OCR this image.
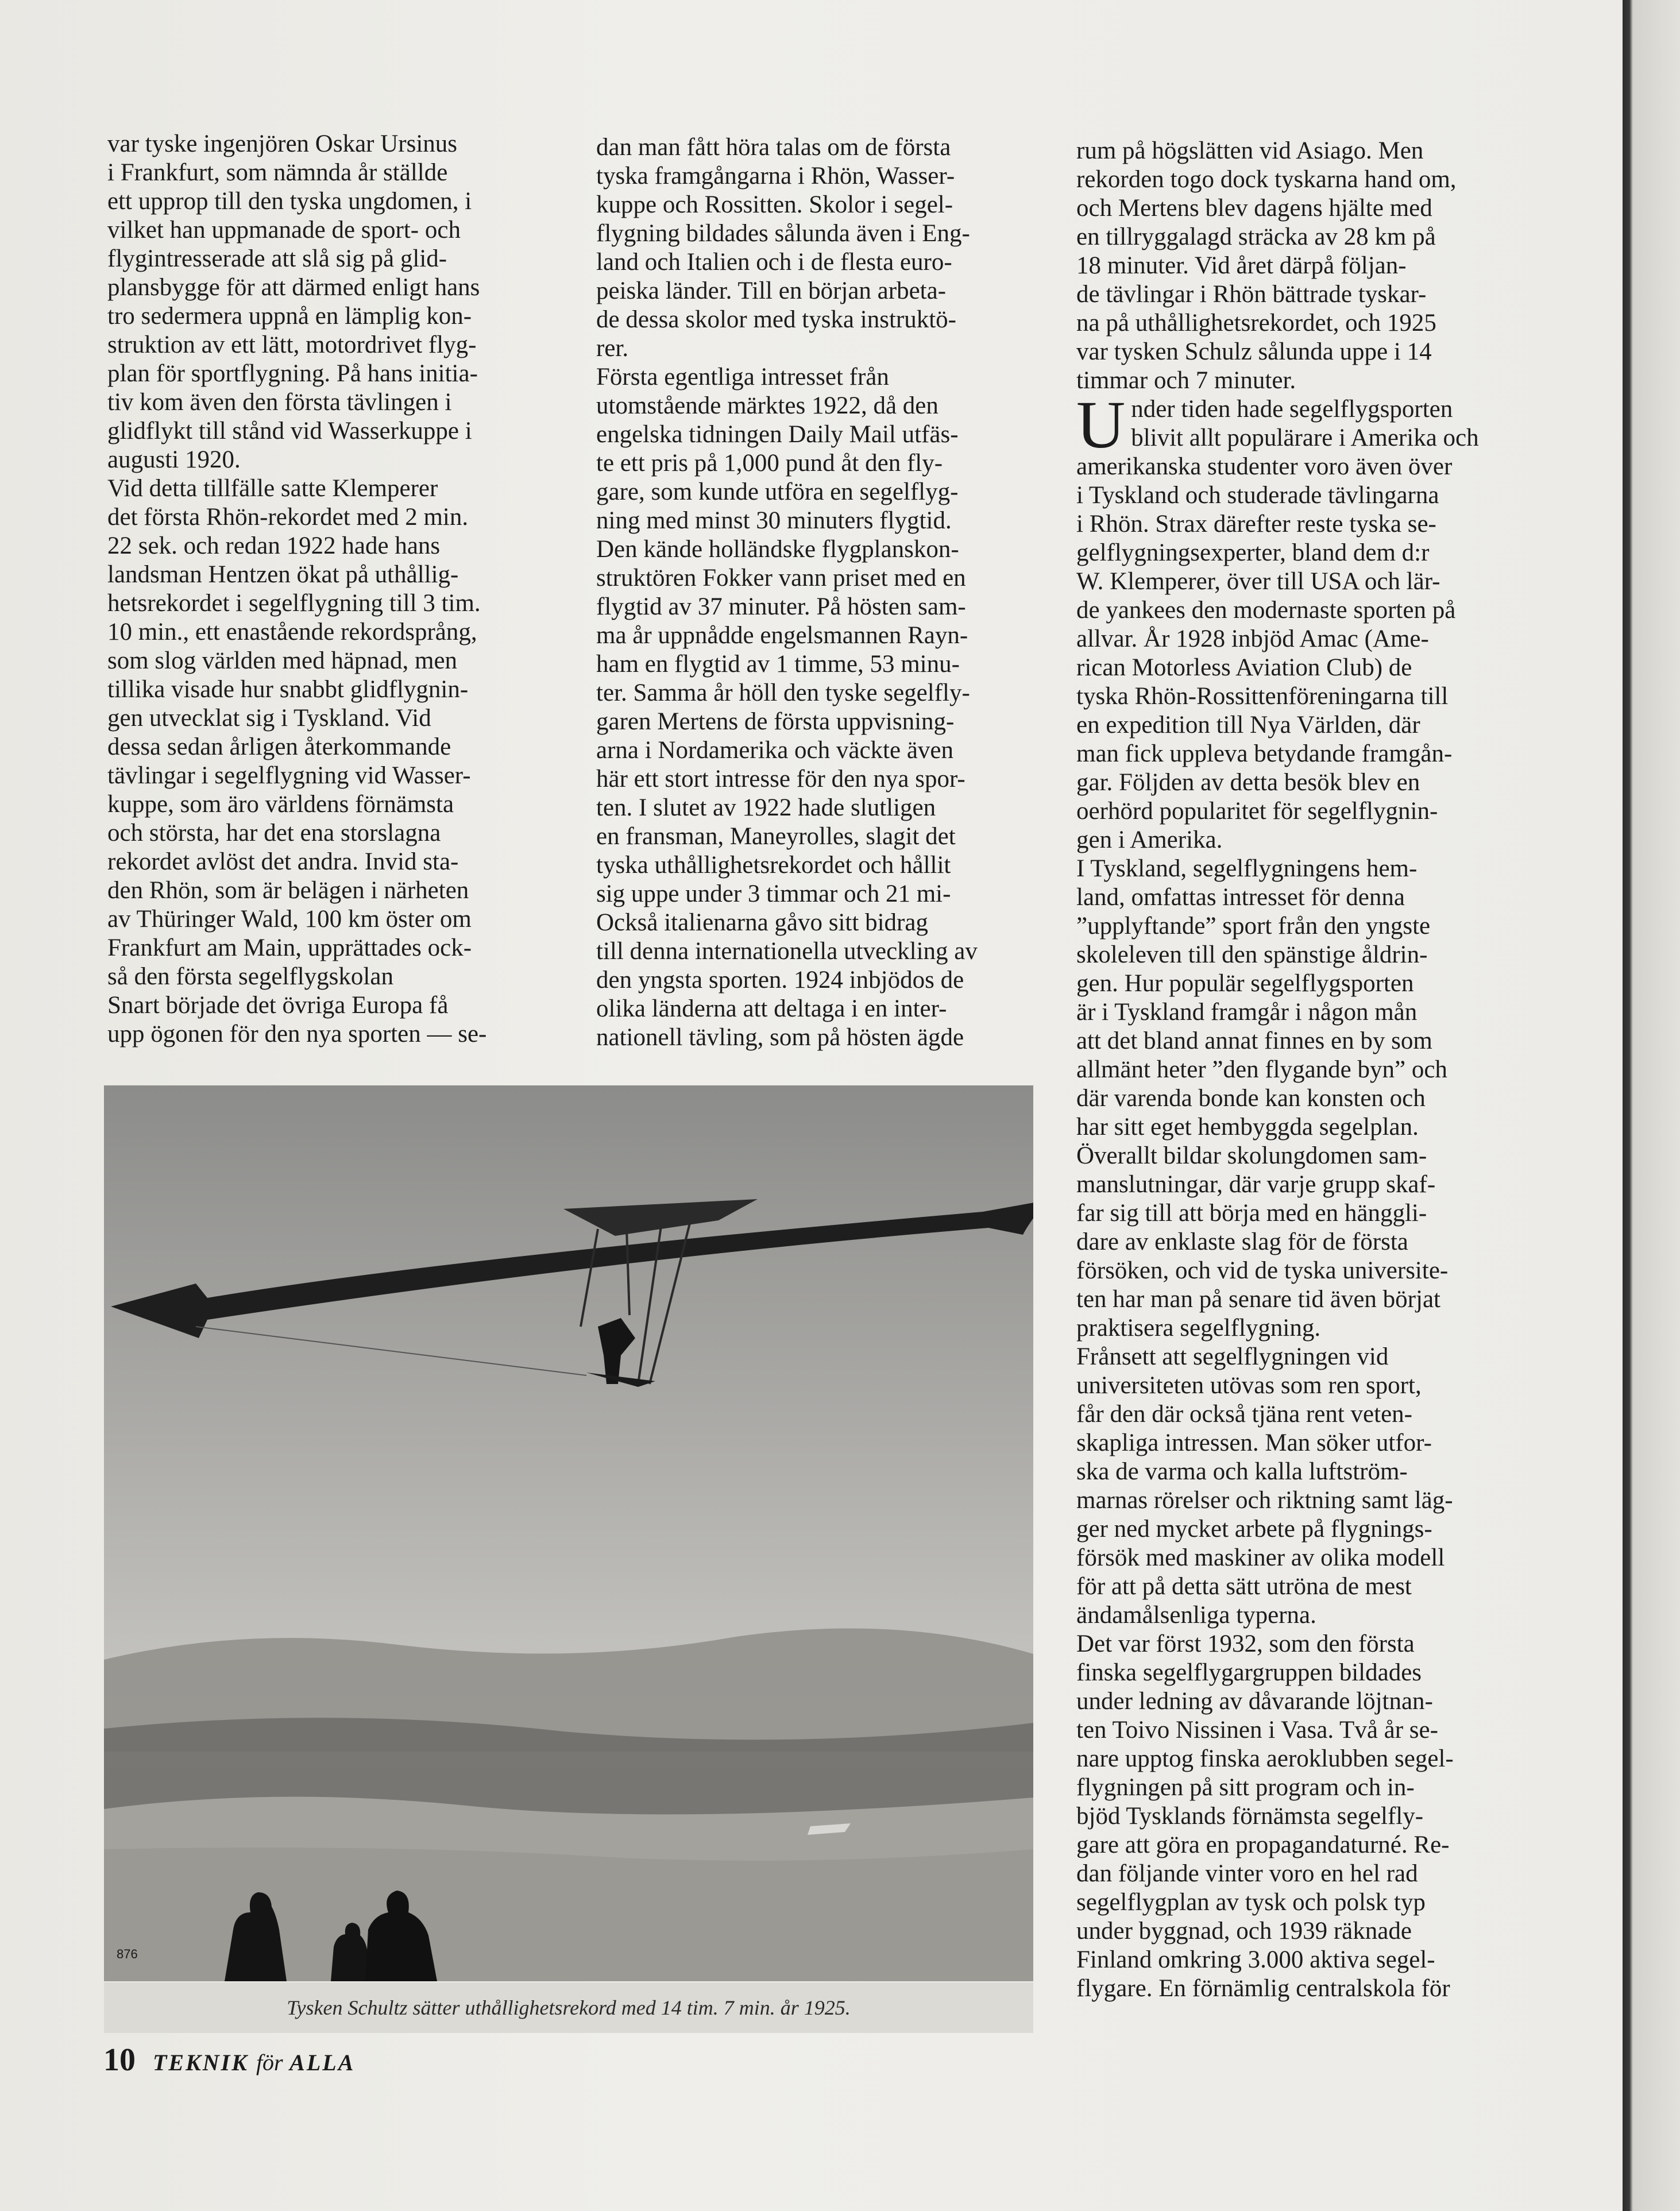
var tyske ingenjören Oskar Ursinus
i Frankfurt, som nämnda år ställde
ett upprop till den tyska ungdomen, i
vilket han uppmanade de sport- och
flygintresserade att slå sig på glid-
plansbygge för att därmed enligt hans
tro sedermera uppnå en lämplig kon-
struktion av ett lätt, motordrivet flyg-
plan för sportflygning. På hans initia-
tiv kom även den första tävlingen i
glidflykt till stånd vid Wasserkuppe i
augusti 1920.
Vid detta tillfälle satte Klemperer
det första Rhön-rekordet med 2 min.
22 sek. och redan 1922 hade hans
landsman Hentzen ökat på uthållig-
hetsrekordet i segelflygning till 3 tim.
10 min., ett enastående rekordsprång,
som slog världen med häpnad, men
tillika visade hur snabbt glidflygnin-
gen utvecklat sig i Tyskland. Vid
dessa sedan årligen återkommande
tävlingar i segelflygning vid Wasser-
kuppe, som äro världens förnämsta
och största, har det ena storslagna
rekordet avlöst det andra. Invid sta-
den Rhön, som är belägen i närheten
av Thüringer Wald, 100 km öster om
Frankfurt am Main, upprättades ock-
så den första segelflygskolan
Snart började det övriga Europa få
upp ögonen för den nya sporten — se-

dan man fått höra talas om de första
tyska framgångarna i Rhön, Wasser-
kuppe och Rossitten. Skolor i segel-
flygning bildades sålunda även i Eng-
land och Italien och i de flesta euro-
peiska länder. Till en början arbeta-
de dessa skolor med tyska instruktö-
rer.
Första egentliga intresset från
utomstående märktes 1922, då den
engelska tidningen Daily Mail utfäs-
te ett pris på 1,000 pund åt den fly-
gare, som kunde utföra en segelflyg-
ning med minst 30 minuters flygtid.
Den kände holländske flygplanskon-
struktören Fokker vann priset med en
flygtid av 37 minuter. På hösten sam-
ma år uppnådde engelsmannen Rayn-
ham en flygtid av 1 timme, 53 minu-
ter. Samma år höll den tyske segelfly-
garen Mertens de första uppvisning-
arna i Nordamerika och väckte även
här ett stort intresse för den nya spor-
ten. I slutet av 1922 hade slutligen
en fransman, Maneyrolles, slagit det
tyska uthållighetsrekordet och hållit
sig uppe under 3 timmar och 21 mi-
Också italienarna gåvo sitt bidrag
till denna internationella utveckling av
den yngsta sporten. 1924 inbjödos de
olika länderna att deltaga i en inter-
nationell tävling, som på hösten ägde

rum på högslätten vid Asiago. Men
rekorden togo dock tyskarna hand om,
och Mertens blev dagens hjälte med
en tillryggalagd sträcka av 28 km på
18 minuter. Vid året därpå följan-
de tävlingar i Rhön bättrade tyskar-
na på uthållighetsrekordet, och 1925
var tysken Schulz sålunda uppe i 14
timmar och 7 minuter.

U nder tiden hade segelflygsporten
blivit allt populärare i Amerika och
amerikanska studenter voro även över
i Tyskland och studerade tävlingarna
i Rhön. Strax därefter reste tyska se-
gelflygningsexperter, bland dem d:r
W. Klemperer, över till USA och lär-
de yankees den modernaste sporten på
allvar. År 1928 inbjöd Amac (Ame-
rican Motorless Aviation Club) de
tyska Rhön-Rossittenföreningarna till
en expedition till Nya Världen, där
man fick uppleva betydande framgån-
gar. Följden av detta besök blev en
oerhörd popularitet för segelflygnin-
gen i Amerika.
I Tyskland, segelflygningens hem-
land, omfattas intresset för denna
”upplyftande” sport från den yngste
skoleleven till den spänstige åldrin-
gen. Hur populär segelflygsporten
är i Tyskland framgår i någon mån
att det bland annat finnes en by som
allmänt heter ”den flygande byn” och
där varenda bonde kan konsten och
har sitt eget hembyggda segelplan.
Överallt bildar skolungdomen sam-
manslutningar, där varje grupp skaf-
far sig till att börja med en hänggli-
dare av enklaste slag för de första
försöken, och vid de tyska universite-
ten har man på senare tid även börjat
praktisera segelflygning.
Frånsett att segelflygningen vid
universiteten utövas som ren sport,
får den där också tjäna rent veten-
skapliga intressen. Man söker utfor-
ska de varma och kalla luftström-
marnas rörelser och riktning samt läg-
ger ned mycket arbete på flygnings-
försök med maskiner av olika modell
för att på detta sätt utröna de mest
ändamålsenliga typerna.
Det var först 1932, som den första
finska segelflygargruppen bildades
under ledning av dåvarande löjtnan-
ten Toivo Nissinen i Vasa. Två år se-
nare upptog finska aeroklubben segel-
flygningen på sitt program och in-
bjöd Tysklands förnämsta segelfly-
gare att göra en propagandaturné. Re-
dan följande vinter voro en hel rad
segelflygplan av tysk och polsk typ
under byggnad, och 1939 räknade
Finland omkring 3.000 aktiva segel-
flygare. En förnämlig centralskola för
876
Tysken Schultz sätter uthållighetsrekord med 14 tim. 7 min. år 1925.
10 TEKNIK för ALLA
